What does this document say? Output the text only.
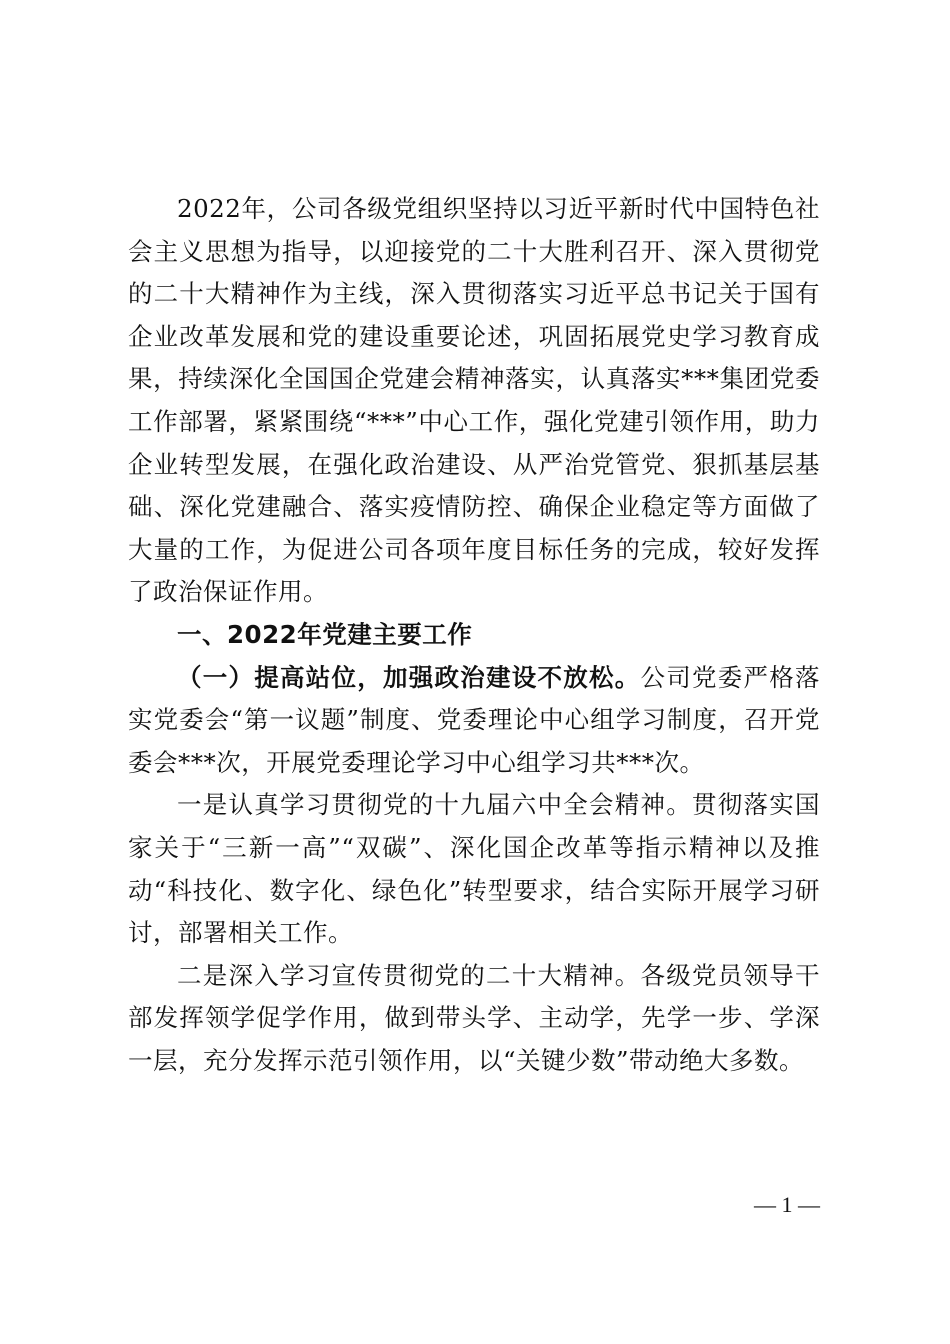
2022年，公司各级党组织坚持以习近平新时代中国特色社会主义思想为指导，以迎接党的二十大胜利召开、深入贯彻党的二十大精神作为主线，深入贯彻落实习近平总书记关于国有企业改革发展和党的建设重要论述，巩固拓展党史学习教育成果，持续深化全国国企党建会精神落实，认真落实***集团党委工作部署，紧紧围绕“***”中心工作，强化党建引领作用，助力企业转型发展，在强化政治建设、从严治党管党、狠抓基层基础、深化党建融合、落实疫情防控、确保企业稳定等方面做了大量的工作，为促进公司各项年度目标任务的完成，较好发挥了政治保证作用。

一、2022年党建主要工作

（一）提高站位，加强政治建设不放松。公司党委严格落实党委会“第一议题”制度、党委理论中心组学习制度，召开党委会***次，开展党委理论学习中心组学习共***次。

一是认真学习贯彻党的十九届六中全会精神。贯彻落实国家关于“三新一高”“双碳”、深化国企改革等指示精神以及推动“科技化、数字化、绿色化”转型要求，结合实际开展学习研讨，部署相关工作。

二是深入学习宣传贯彻党的二十大精神。各级党员领导干部发挥领学促学作用，做到带头学、主动学，先学一步、学深一层，充分发挥示范引领作用，以“关键少数”带动绝大多数。

— 1 —
